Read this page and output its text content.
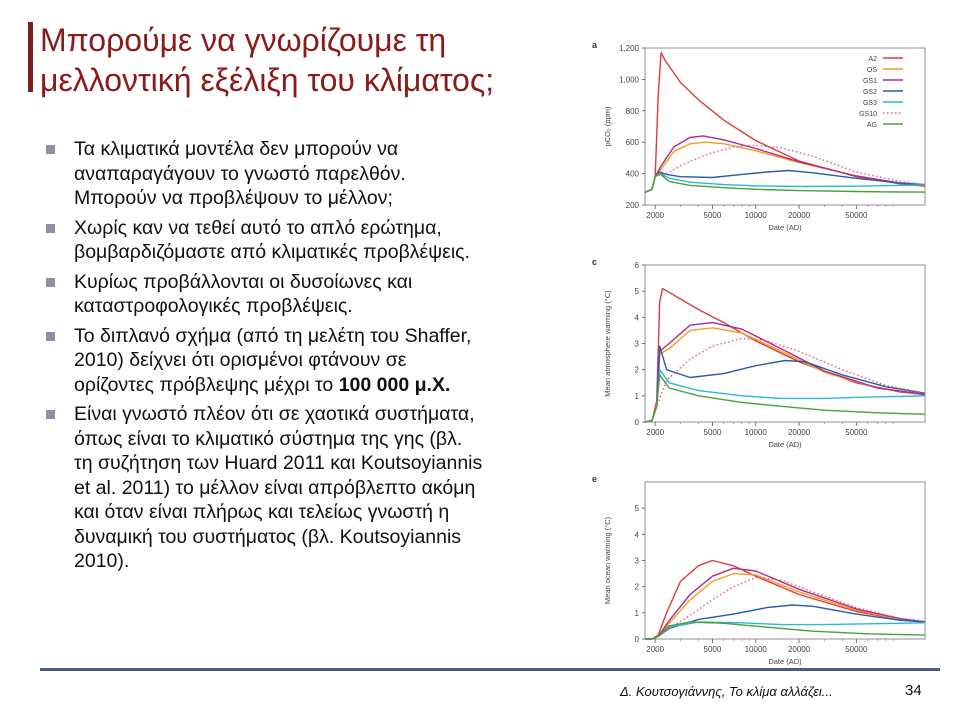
Μπορούμε να γνωρίζουμε τη
μελλοντική εξέλιξη του κλίματος;
Τα κλιματικά μοντέλα δεν μπορούν να
αναπαραγάγουν το γνωστό παρελθόν.
Μπορούν να προβλέψουν το μέλλον;
Χωρίς καν να τεθεί αυτό το απλό ερώτημα,
βομβαρδιζόμαστε από κλιματικές προβλέψεις.
Κυρίως προβάλλονται οι δυσοίωνες και
καταστροφολογικές προβλέψεις.
Το διπλανό σχήμα (από τη μελέτη του Shaffer,
2010) δείχνει ότι ορισμένοι φτάνουν σε
ορίζοντες πρόβλεψης μέχρι το 100 000 μ.Χ.
Είναι γνωστό πλέον ότι σε χαοτικά συστήματα,
όπως είναι το κλιματικό σύστημα της γης (βλ.
τη συζήτηση των Huard 2011 και Koutsoyiannis
et al. 2011) το μέλλον είναι απρόβλεπτο ακόμη
και όταν είναι πλήρως και τελείως γνωστή η
δυναμική του συστήματος (βλ. Koutsoyiannis
2010).
a
200
400
600
800
1,000
1,200
2000	5000	10000	20000	50000
Date (AD)
pCO₂ (ppm)
A2
OS
GS1
GS2
GS3
GS10
AG
c
0
1
2
3
4
5
6
2000	5000	10000	20000	50000
Date (AD)
Mean atmosphere warming (°C)
e
0
1
2
3
4
5
2000	5000	10000	20000	50000
Date (AD)
Mean ocean warming (°C)
Δ. Κουτσογιάννης, Το κλίμα αλλάζει...	34
